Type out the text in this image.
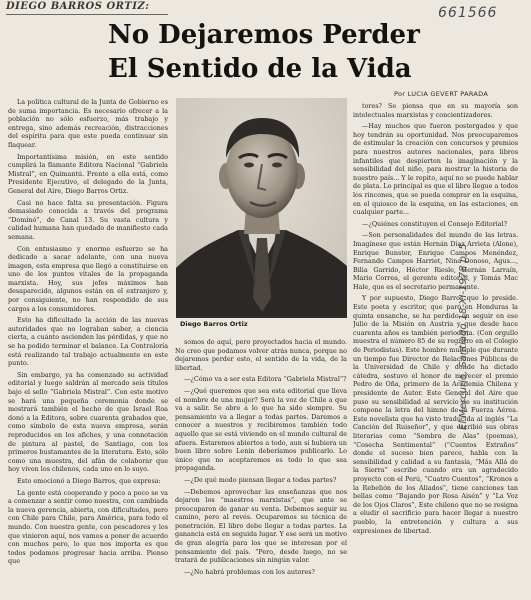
DIEGO BARROS ORTIZ:	661566
No Dejaremos Perder
El Sentido de la Vida
Por LUCIA GEVERT PARADA

La política cultural de la Junta de Gobierno es de suma importancia. Es necesario ofrecer a la población no sólo esfuerzo, más trabajo y entrega, sino además recreación, distracciones del espíritu para que este pueda continuar sin flaquear.

Importantísima misión, en este sentido cumplirá la flamante Editora Nacional “Gabriela Mistral”, en Quimantú. Frente a ella está, como Presidente Ejecutivo, el delegado de la Junta, General del Aire, Diego Barros Ortiz.

Casi no hace falta su presentación. Figura demasiado conocida a través del programa “Domínó”, de Canal 13. Su vasta cultura y calidad humana han quedado de manifiesto cada semana.

Con entusiasmo y enorme esfuerzo se ha dedicado a sacar adelante, con una nueva imagen, esta empresa que llegó a constituirse en uno de los puntos vitales de la propaganda marxista. Hoy, sus jefes máximos han desaparecido, algunos están en el extranjero y, por consiguiente, no han respondido de sus cargos a los consumidores.

Esto ha dificultado la acción de las nuevas autoridades que no lograban saber, a ciencia cierta, a cuánto ascienden las pérdidas, y que no se ha podido terminar el balance. La Contraloría está realizando tal trabajo actualmente en este punto.

Sin embargo, ya ha comenzado su actividad editorial y luego saldrán al mercado seis títulos bajo el sello “Gabriela Mistral”. Con este motivo se hará una pequeña ceremonia donde se mostrará también el hecho de que Israel Roa donó a la Editora, sobre cuarenta grabados que, como símbolo de esta nueva empresa, serán reproducidos en los afiches, y una connotación de pintura al pastel, de Santiago, con los primeros bustamantes de la literatura. Esto, sólo como una muestra, del afán de colaborar que hoy viven los chilenos, cada uno en lo suyo.

Esto emocionó a Diego Barros, que expresa:

La gente está cooperando y poco a poco se va a comenzar a sentir como nuestra, con cambiada la nueva gerencia, abierta, con dificultades, pero con Chile para Chile, para América, para todo el mundo. Con nuestra gente, con pescadores y los que vinieron aquí, nos vamos a poner de acuerdo con muchos pero, lo que nos importa es que todos podamos progresar hacia arriba. Pienso que

Diego Barros Ortiz

somos de aquí, pero proyectados hacia el mundo. No creo que podamos volver atrás nunca, porque no dejaremos perder esto, el sentido de la vida, de la libertad.

—¿Cómo va a ser esta Editora “Gabriela Mistral”?

—¿Qué queremos que sea esta editorial que lleva el nombre de una mujer? Será la voz de Chile a que va a salir. Se abre a lo que ha sido siempre. Su pensamiento va a llegar a todas partes. Daremos a conocer a nuestros y recibiremos también todo aquello que se está viviendo en el mundo cultural de afuera. Estaremos abiertos a todo, aun si hubiera un buen libro sobre Lenin deberíamos publicarlo. Lo único que no aceptaremos es todo lo que sea propaganda.

—¿De qué modo piensan llegar a todas partes?

—Debemos aprovechar las enseñanzas que nos dejaron los “maestros marxistas”, que ante se preocuparon de ganar su venta. Debemos seguir su camino, pero al revés. Ocuparemos su técnica de penetración. El libro debe llegar a todas partes. La ganancia está en seguida lugar. Y ese será un motivo de gran alegría para los que se interesan por el pensamiento del país. “Pero, desde luego, no se tratará de publicaciones sin ningún valor.

—¿No habrá problemas con los autores?

tores? Se piensa que en su mayoría son intelectuales marxistas y concientizadores.

—Hay muchos que fueron postergados y que hoy tendrán su oportunidad. Nos preocuparemos de estimular la creación con concursos y premios para nuestros autores nacionales, para libros infantiles que despierten la imaginación y la sensibilidad del niño, para mostrar la historia de nuestro país... Y le repito, aquí no se puede hablar de plata. Lo principal es que el libro llegue a todos los rincones, que se pueda comprar en la esquina, en el quiosco de la esquina, en las estaciones, en cualquier parte...

—¿Quiénes constituyen el Consejo Editorial?

—Son personalidades del mundo de las letras. Imagínese que están Hernán Díaz Arrieta (Alone), Enrique Bunster, Enrique Campos Menéndez, Fernando Campos Harriet, Nina Donoso, Agus..., Bilia Garrido, Héctor Riesle, Hernán Larraín, Mario Correa, el gerente editorial, y Tomás Mac Hale, que es el secretario permanente.

Y por supuesto, Diego Barros que lo preside. Este poeta y escritor, que paró en Honduras la quinta ensanche, se ha perdido en seguir en ese Julio de la Misión en Austria y que desde hace cuarenta años es también periodista. (Con orgullo muestra el número 85 de su registro en el Colegio de Periodistas). Este hombre multiple que durante un tiempo fue Director de Relaciones Públicas de la Universidad de Chile y donde ha dictado cátedra, sostuvo el honor de merecer el premio Pedro de Oña, primero de la Academia Chilena y presidente de Autor. Este General del Aire que puso su sensibilidad al servicio de su institución compone la letra del himno de la Fuerza Aérea. Este novelista que ha visto traducida al inglés “La Canción del Ruiseñor”, y que escribió sus obras literarias como “Sombra de Alas” (poemas), “Cosecha Sentimental” (“Cuentos Extraños” donde el suceso bien parece, habla con la sensibilidad y calidad a su fantasía, “Más Allá de la Sierra” escribe cuando era un agradecido proyecto con el Perú, “Cuatro Cuentos”, “Kronos a la Rebelión de los Aliados”, tiene canciones tan bellas como “Bajando por Rosa Aisén” y “La Voz de los Ojos Claros”, Este chileno que no se resigna a eludir el sacrificio para hacer llegar a nuestro pueblo, la entretención y cultura a sus expresiones de libertad.

El Mercurio, Santiago 18-XI-1978 p. 5
